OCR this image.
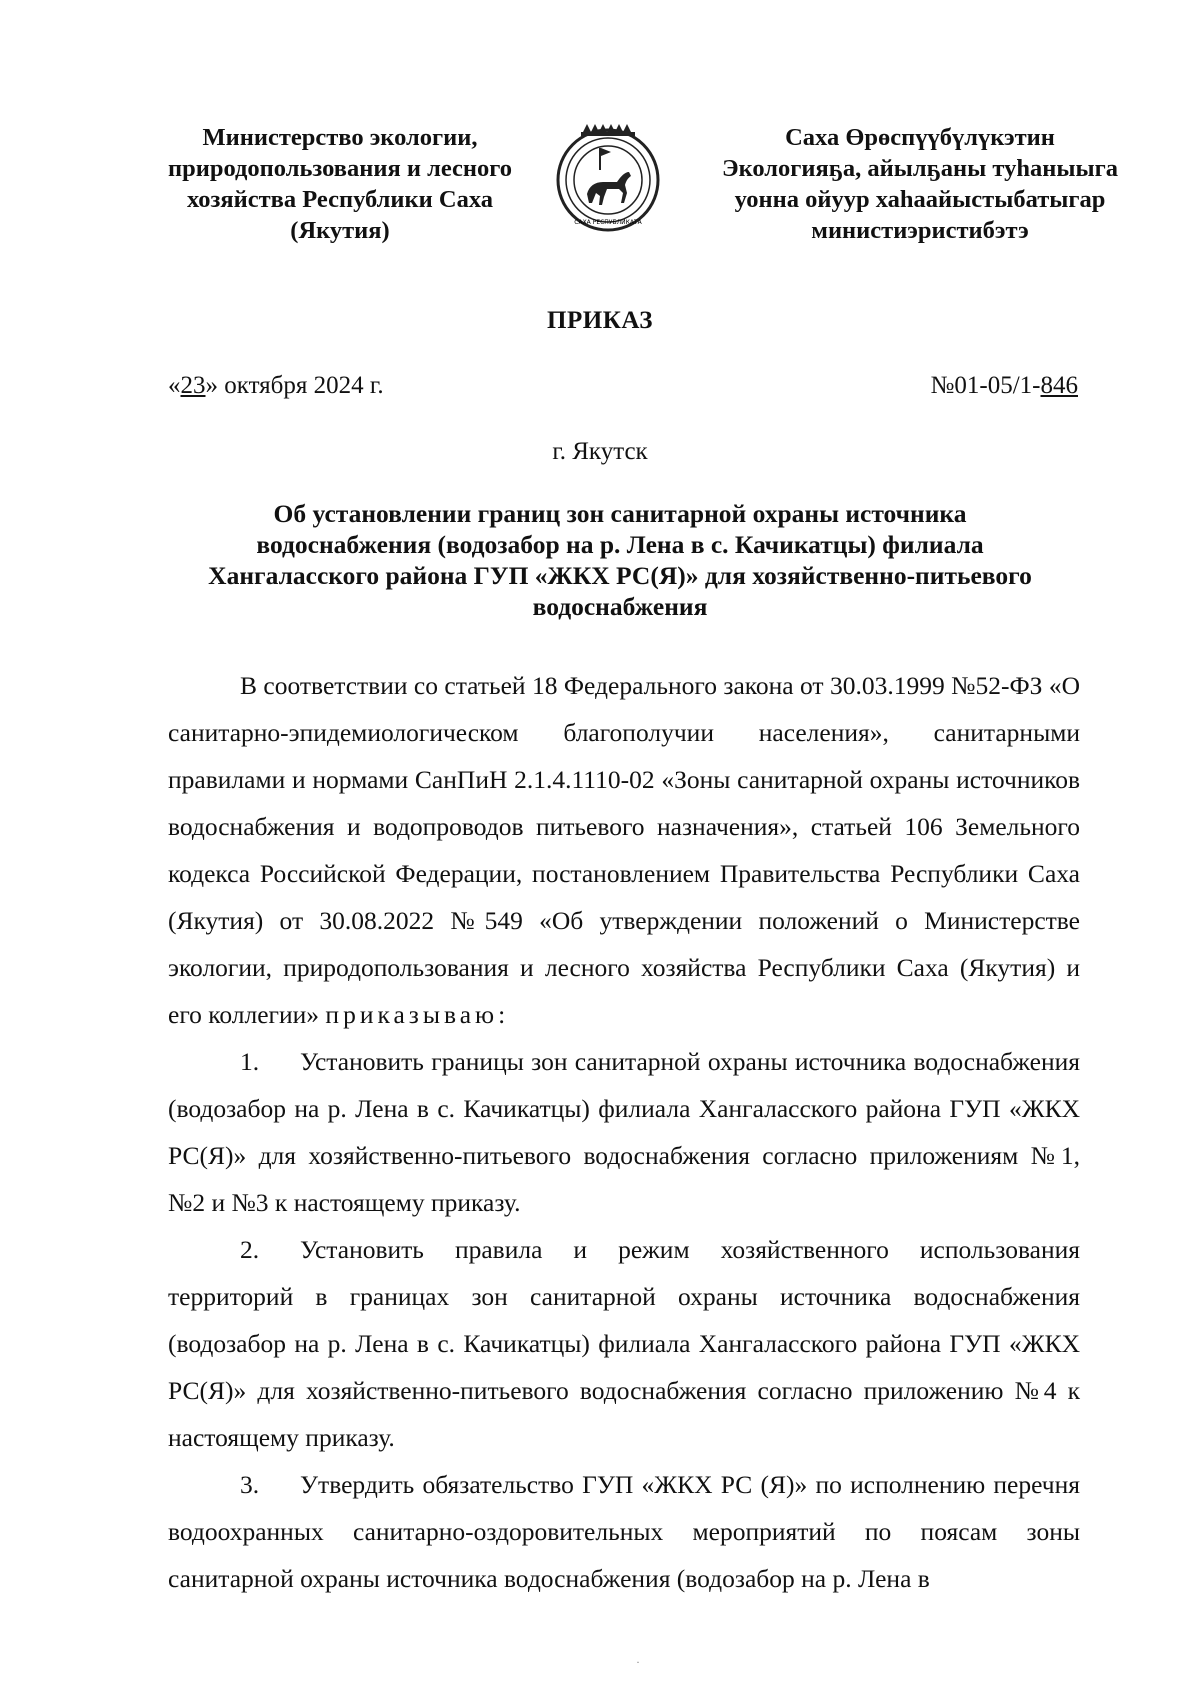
Министерство экологии,
природопользования и лесного
хозяйства Республики Саха
(Якутия)	САХА РЕСПУБЛИКАТА
Саха Өрөспүүбүлүкэтин
Экологияҕа, айылҕаны туһаныыга
уонна ойуур хаһаайыстыбатыгар
министиэристибэтэ
ПРИКАЗ
«23» октября 2024 г.	№01-05/1-846
г. Якутск
Об установлении границ зон санитарной охраны источника
водоснабжения (водозабор на р. Лена в с. Качикатцы) филиала
Хангаласского района ГУП «ЖКХ РС(Я)» для хозяйственно-питьевого
водоснабжения

В соответствии со статьей 18 Федерального закона от 30.03.1999 №52-ФЗ «О санитарно-эпидемиологическом благополучии населения», санитарными правилами и нормами СанПиН 2.1.4.1110-02 «Зоны санитарной охраны источников водоснабжения и водопроводов питьевого назначения», статьей 106 Земельного кодекса Российской Федерации, постановлением Правительства Республики Саха (Якутия) от 30.08.2022 №549 «Об утверждении положений о Министерстве экологии, природопользования и лесного хозяйства Республики Саха (Якутия) и его коллегии» приказываю:

1. Установить границы зон санитарной охраны источника водоснабжения (водозабор на р. Лена в с. Качикатцы) филиала Хангаласского района ГУП «ЖКХ РС(Я)» для хозяйственно-питьевого водоснабжения согласно приложениям №1, №2 и №3 к настоящему приказу.

2. Установить правила и режим хозяйственного использования территорий в границах зон санитарной охраны источника водоснабжения (водозабор на р. Лена в с. Качикатцы) филиала Хангаласского района ГУП «ЖКХ РС(Я)» для хозяйственно-питьевого водоснабжения согласно приложению №4 к настоящему приказу.

3. Утвердить обязательство ГУП «ЖКХ РС (Я)» по исполнению перечня водоохранных санитарно-оздоровительных мероприятий по поясам зоны санитарной охраны источника водоснабжения (водозабор на р. Лена в

·
